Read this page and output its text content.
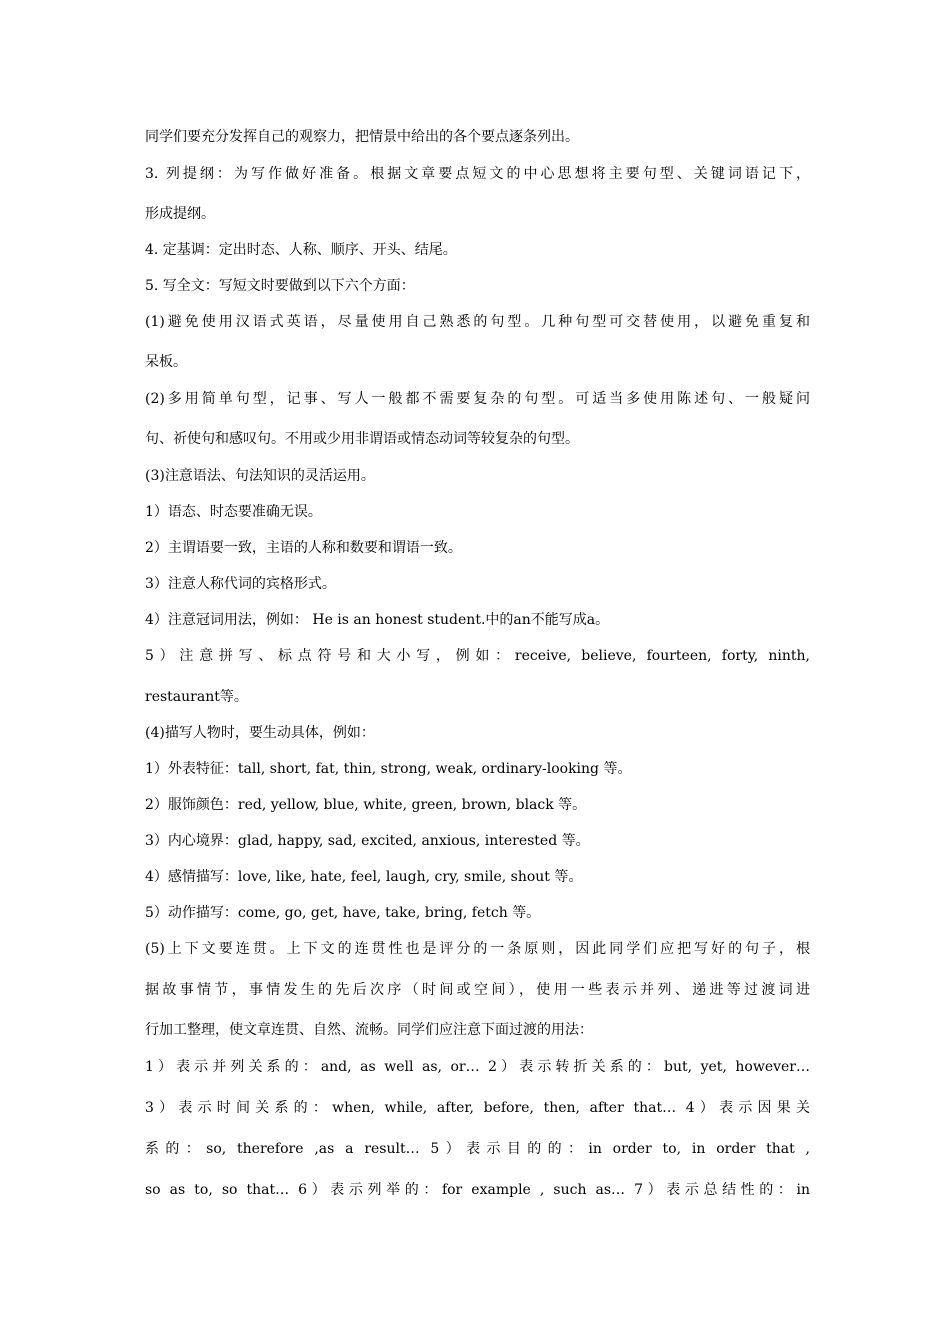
同学们要充分发挥自己的观察力，把情景中给出的各个要点逐条列出。
3. 列提纲：为写作做好准备。根据文章要点短文的中心思想将主要句型、关键词语记下，
形成提纲。
4. 定基调：定出时态、人称、顺序、开头、结尾。
5. 写全文：写短文时要做到以下六个方面：
(1)避免使用汉语式英语，尽量使用自己熟悉的句型。几种句型可交替使用，以避免重复和
呆板。
(2)多用简单句型，记事、写人一般都不需要复杂的句型。可适当多使用陈述句、一般疑问
句、祈使句和感叹句。不用或少用非谓语或情态动词等较复杂的句型。
(3)注意语法、句法知识的灵活运用。
1）语态、时态要准确无误。
2）主谓语要一致，主语的人称和数要和谓语一致。
3）注意人称代词的宾格形式。
4）注意冠词用法，例如： He is an honest student.中的an不能写成a。
5）注意拼写、标点符号和大小写，例如：receive, believe, fourteen, forty, ninth,
restaurant等。
(4)描写人物时，要生动具体，例如：
1）外表特征：tall, short, fat, thin, strong, weak, ordinary-looking 等。
2）服饰颜色：red, yellow, blue, white, green, brown, black 等。
3）内心境界：glad, happy, sad, excited, anxious, interested 等。
4）感情描写：love, like, hate, feel, laugh, cry, smile, shout 等。
5）动作描写：come, go, get, have, take, bring, fetch 等。
(5)上下文要连贯。上下文的连贯性也是评分的一条原则，因此同学们应把写好的句子，根
据故事情节，事情发生的先后次序（时间或空间），使用一些表示并列、递进等过渡词进
行加工整理，使文章连贯、自然、流畅。同学们应注意下面过渡的用法：
1）表示并列关系的：and, as well as, or… 2）表示转折关系的：but, yet, however…
3）表示时间关系的：when, while, after, before, then, after that… 4）表示因果关
系的：so, therefore ,as a result… 5）表示目的的：in order to, in order that ,
so as to, so that… 6）表示列举的：for example , such as… 7）表示总结性的：in
